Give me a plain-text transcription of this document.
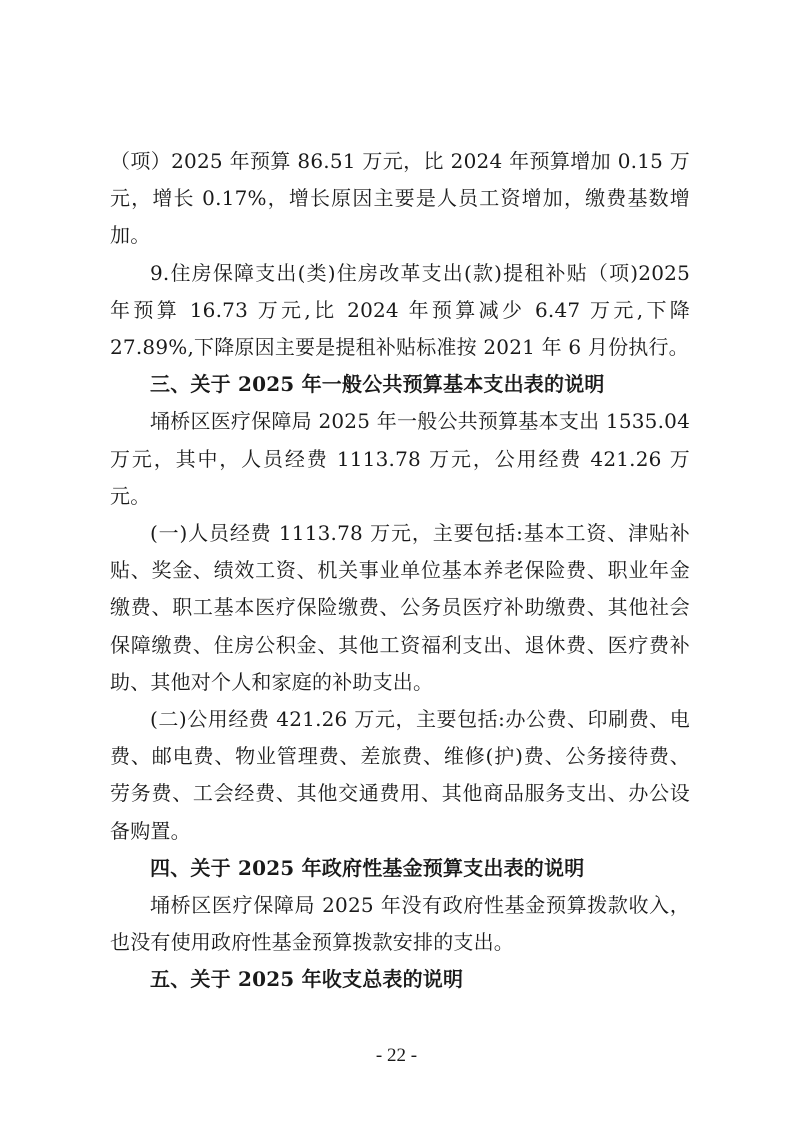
（项）2025 年预算 86.51 万元，比 2024 年预算增加 0.15 万元，增长 0.17%，增长原因主要是人员工资增加，缴费基数增加。

9.住房保障支出(类)住房改革支出(款)提租补贴（项)2025 年预算 16.73 万元,比 2024 年预算减少 6.47 万元,下降 27.89%,下降原因主要是提租补贴标准按 2021 年 6 月份执行。

三、关于 2025 年一般公共预算基本支出表的说明

埇桥区医疗保障局 2025 年一般公共预算基本支出 1535.04 万元，其中，人员经费 1113.78 万元，公用经费 421.26 万元。

(一)人员经费 1113.78 万元，主要包括:基本工资、津贴补贴、奖金、绩效工资、机关事业单位基本养老保险费、职业年金缴费、职工基本医疗保险缴费、公务员医疗补助缴费、其他社会保障缴费、住房公积金、其他工资福利支出、退休费、医疗费补助、其他对个人和家庭的补助支出。

(二)公用经费 421.26 万元，主要包括:办公费、印刷费、电费、邮电费、物业管理费、差旅费、维修(护)费、公务接待费、劳务费、工会经费、其他交通费用、其他商品服务支出、办公设备购置。

四、关于 2025 年政府性基金预算支出表的说明

埇桥区医疗保障局 2025 年没有政府性基金预算拨款收入，也没有使用政府性基金预算拨款安排的支出。

五、关于 2025 年收支总表的说明

- 22 -
